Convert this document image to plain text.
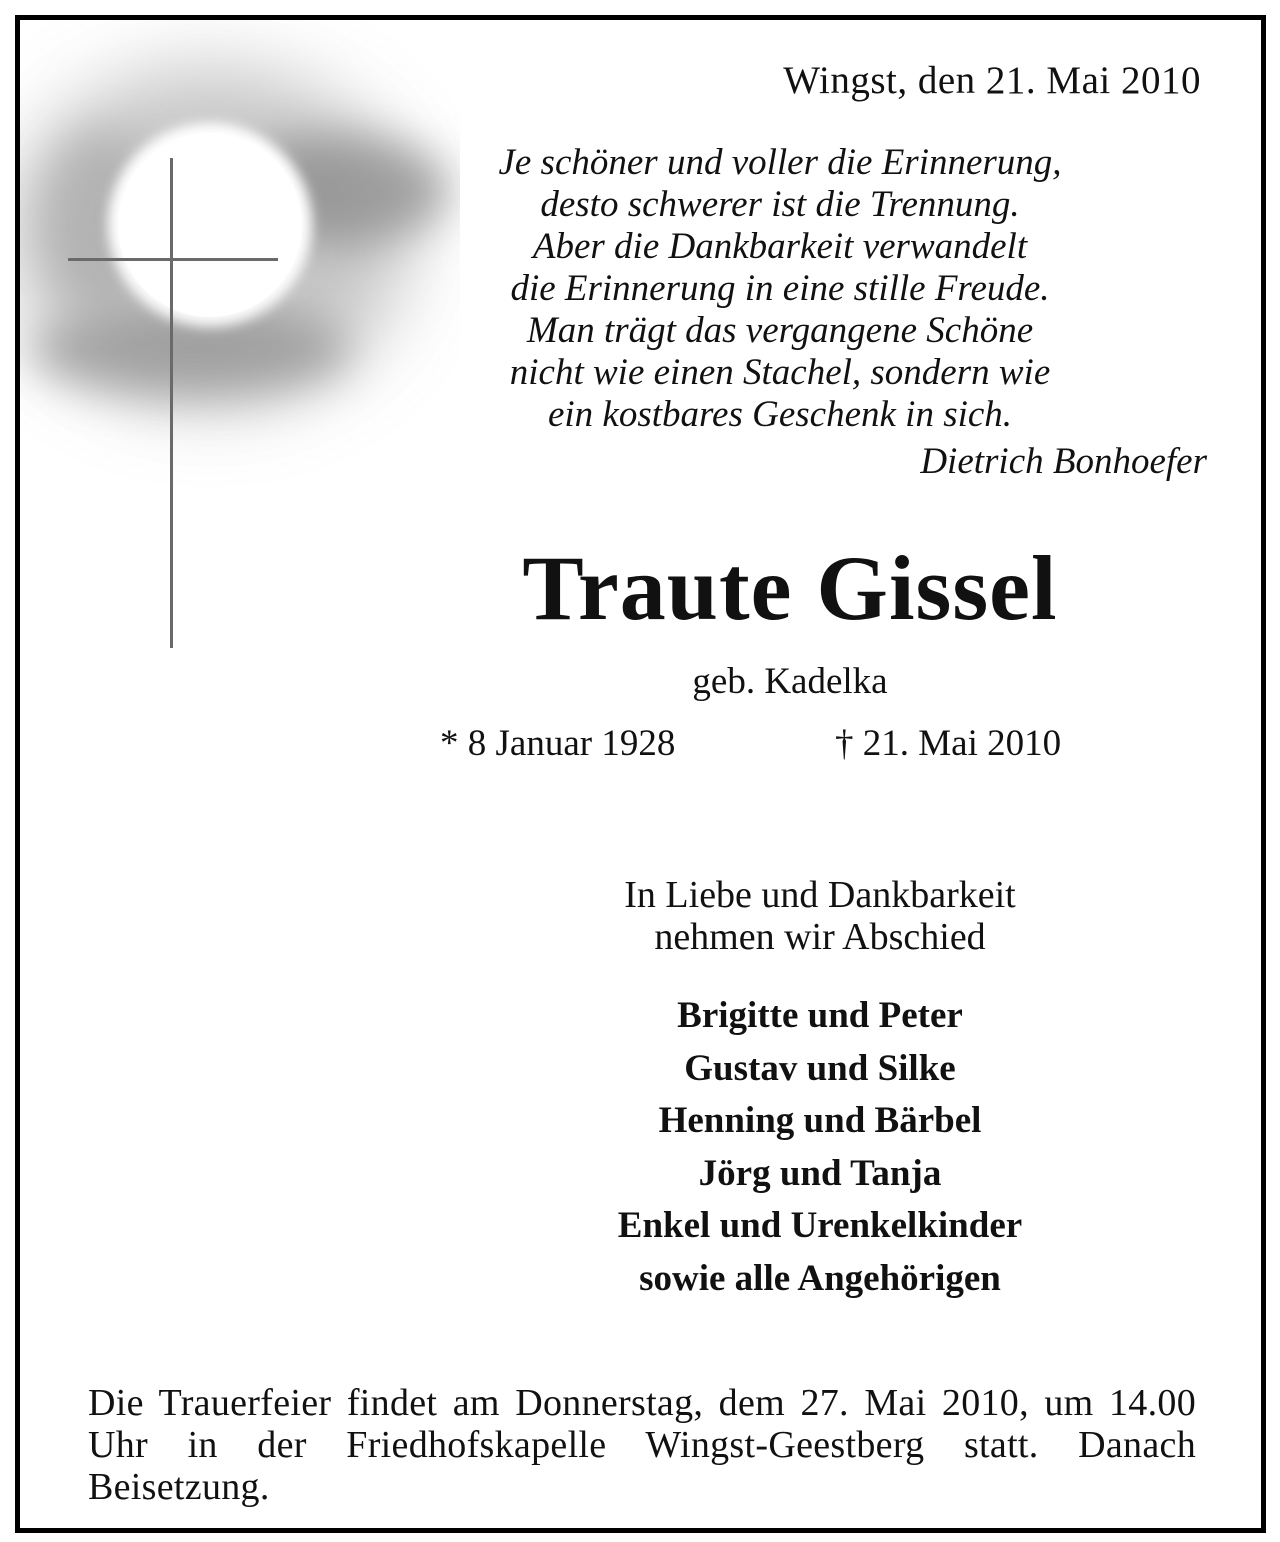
Wingst, den 21. Mai 2010
Je schöner und voller die Erinnerung,
desto schwerer ist die Trennung.
Aber die Dankbarkeit verwandelt
die Erinnerung in eine stille Freude.
Man trägt das vergangene Schöne
nicht wie einen Stachel, sondern wie
ein kostbares Geschenk in sich.
Dietrich Bonhoefer
Traute Gissel
geb. Kadelka
* 8 Januar 1928	† 21. Mai 2010
In Liebe und Dankbarkeit
nehmen wir Abschied
Brigitte und Peter
Gustav und Silke
Henning und Bärbel
Jörg und Tanja
Enkel und Urenkelkinder
sowie alle Angehörigen
Die Trauerfeier findet am Donnerstag, dem 27. Mai 2010, um 14.00 Uhr in der Friedhofskapelle Wingst-Geestberg statt. Danach Beisetzung.
